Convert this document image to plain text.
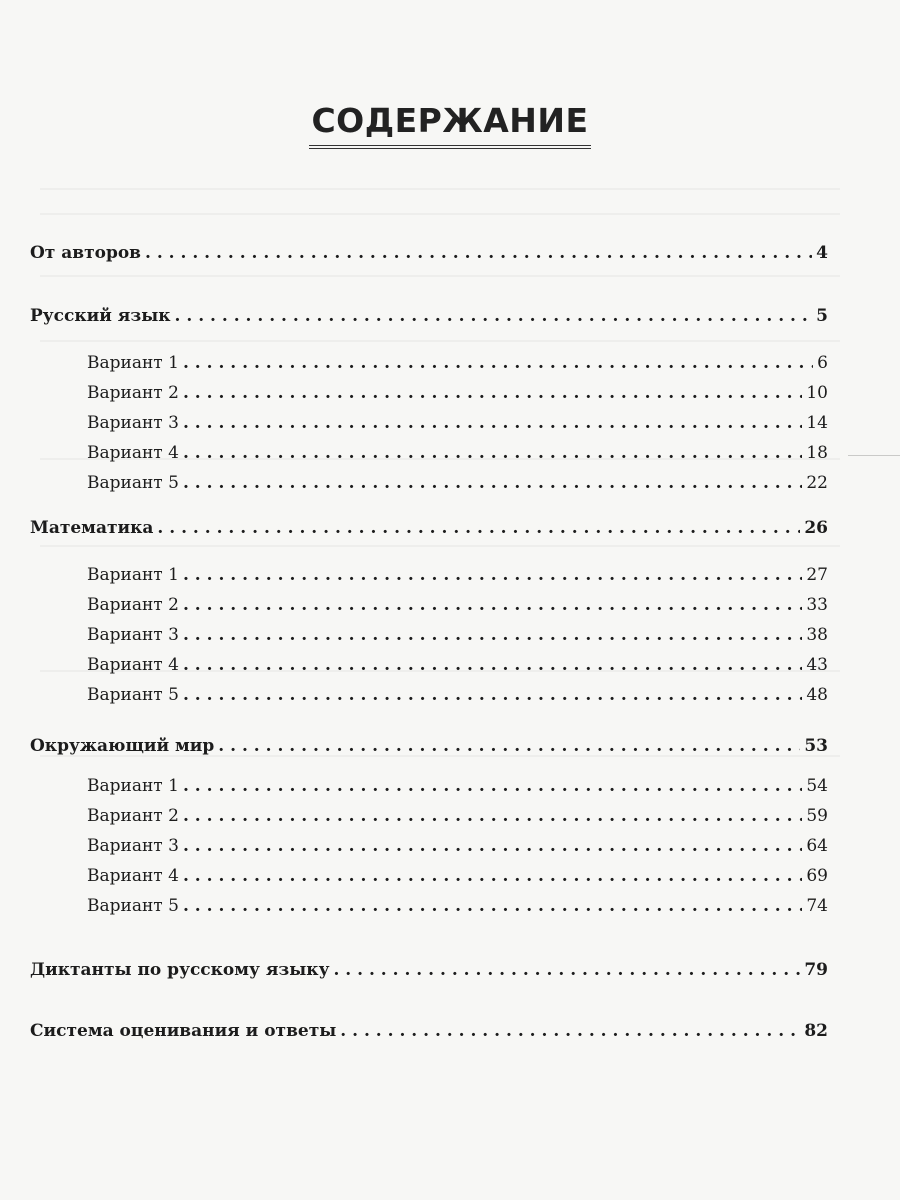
СОДЕРЖАНИЕ
От авторов . . .	4
Русский язык . . .	5
Вариант 1 . . .	6
Вариант 2 . . .	10
Вариант 3 . . .	14
Вариант 4 . . .	18
Вариант 5 . . .	22
Математика . . .	26
Вариант 1 . . .	27
Вариант 2 . . .	33
Вариант 3 . . .	38
Вариант 4 . . .	43
Вариант 5 . . .	48
Окружающий мир . . .	53
Вариант 1 . . .	54
Вариант 2 . . .	59
Вариант 3 . . .	64
Вариант 4 . . .	69
Вариант 5 . . .	74
Диктанты по русскому языку . . .	79
Система оценивания и ответы . . .	82
